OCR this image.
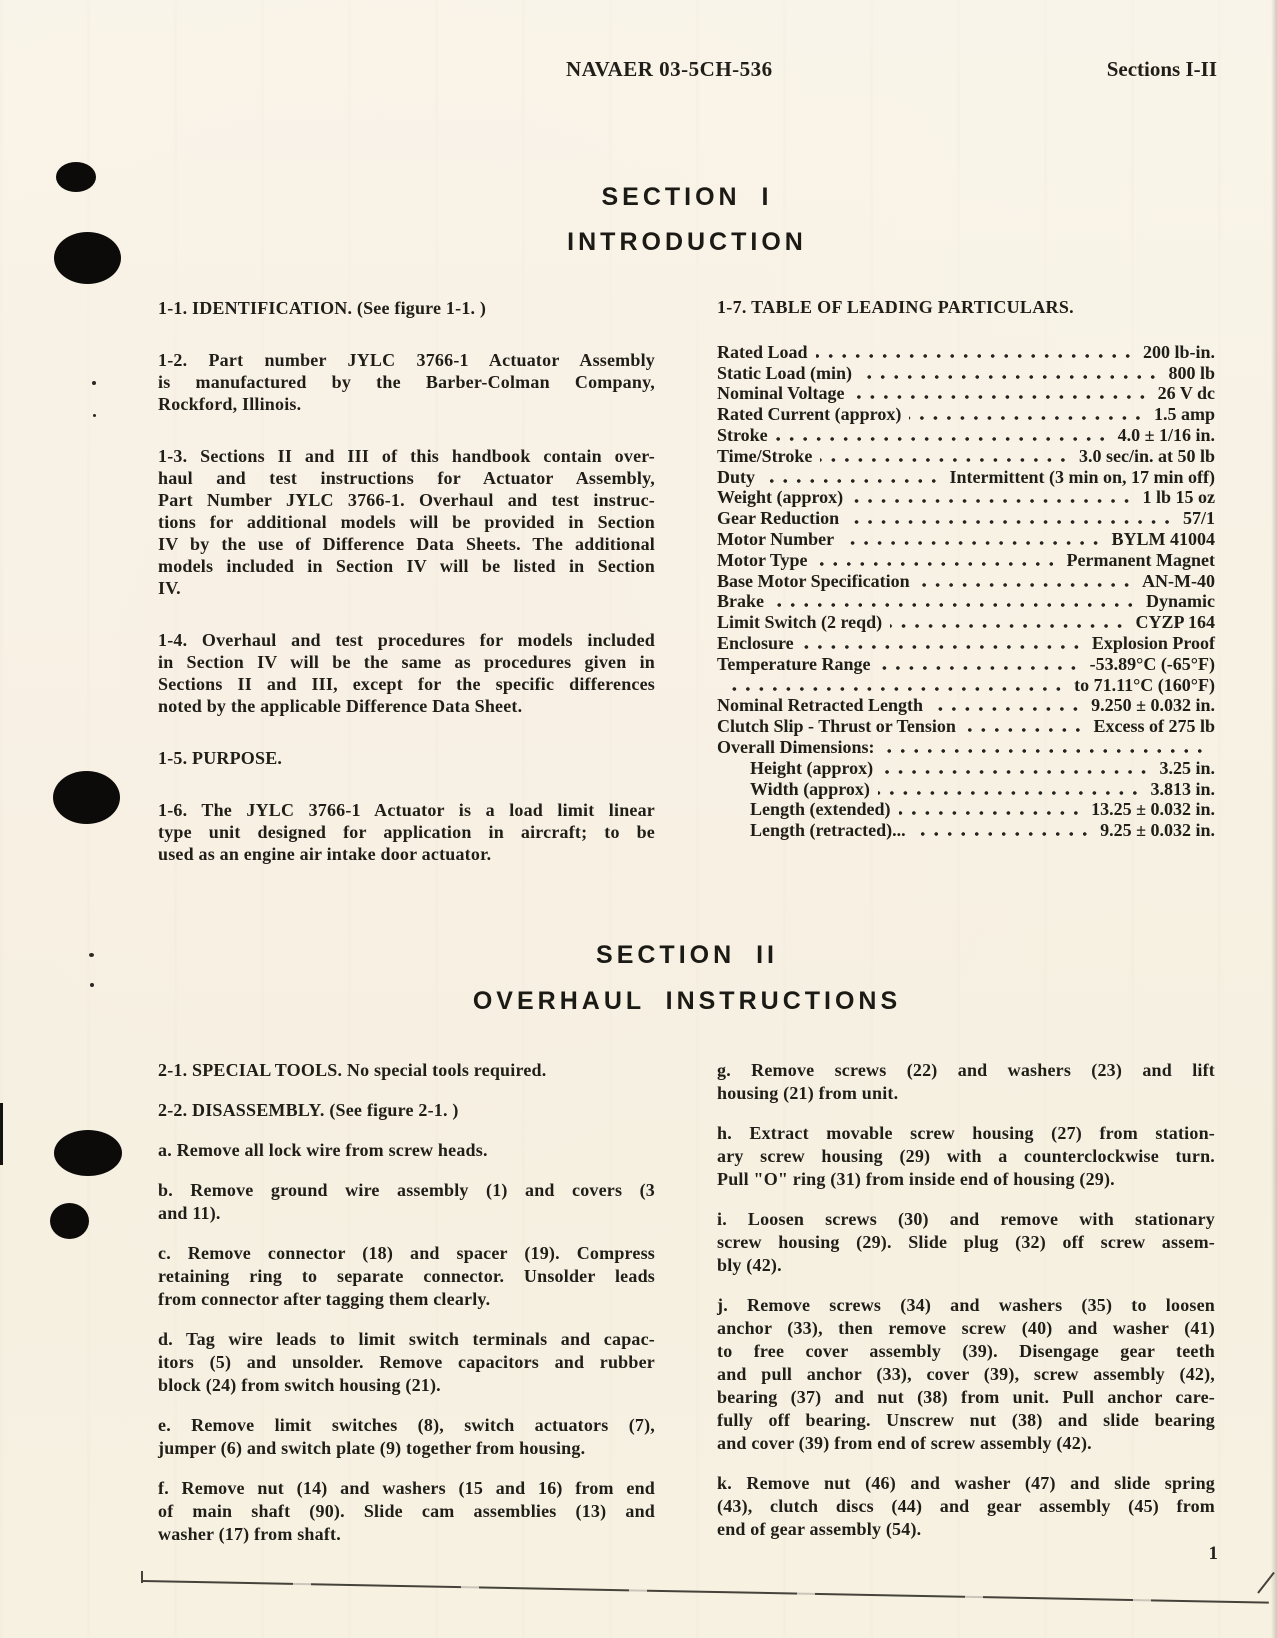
NAVAER 03-5CH-536	Sections I-II
SECTION I
INTRODUCTION
1-1. IDENTIFICATION. (See figure 1-1. )
1-2. Part number JYLC 3766-1 Actuator Assembly
is manufactured by the Barber-Colman Company,
Rockford, Illinois.
1-3. Sections II and III of this handbook contain over-
haul and test instructions for Actuator Assembly,
Part Number JYLC 3766-1. Overhaul and test instruc-
tions for additional models will be provided in Section
IV by the use of Difference Data Sheets. The additional
models included in Section IV will be listed in Section
IV.
1-4. Overhaul and test procedures for models included
in Section IV will be the same as procedures given in
Sections II and III, except for the specific differences
noted by the applicable Difference Data Sheet.
1-5. PURPOSE.
1-6. The JYLC 3766-1 Actuator is a load limit linear
type unit designed for application in aircraft; to be
used as an engine air intake door actuator.
1-7. TABLE OF LEADING PARTICULARS.
Rated Load	200 lb-in.
Static Load (min)	800 lb
Nominal Voltage	26 V dc
Rated Current (approx)	1.5 amp
Stroke	4.0 ± 1/16 in.
Time/Stroke	3.0 sec/in. at 50 lb
Duty	Intermittent (3 min on, 17 min off)
Weight (approx)	1 lb 15 oz
Gear Reduction	57/1
Motor Number	BYLM 41004
Motor Type	Permanent Magnet
Base Motor Specification	AN-M-40
Brake	Dynamic
Limit Switch (2 reqd)	CYZP 164
Enclosure	Explosion Proof
Temperature Range	-53.89°C (-65°F)
to 71.11°C (160°F)
Nominal Retracted Length	9.250 ± 0.032 in.
Clutch Slip - Thrust or Tension	Excess of 275 lb
Overall Dimensions:
Height (approx)	3.25 in.
Width (approx)	3.813 in.
Length (extended)	13.25 ± 0.032 in.
Length (retracted)...	9.25 ± 0.032 in.
SECTION II
OVERHAUL INSTRUCTIONS
2-1. SPECIAL TOOLS. No special tools required.
2-2. DISASSEMBLY. (See figure 2-1. )
a. Remove all lock wire from screw heads.
b. Remove ground wire assembly (1) and covers (3
and 11).
c. Remove connector (18) and spacer (19). Compress
retaining ring to separate connector. Unsolder leads
from connector after tagging them clearly.
d. Tag wire leads to limit switch terminals and capac-
itors (5) and unsolder. Remove capacitors and rubber
block (24) from switch housing (21).
e. Remove limit switches (8), switch actuators (7),
jumper (6) and switch plate (9) together from housing.
f. Remove nut (14) and washers (15 and 16) from end
of main shaft (90). Slide cam assemblies (13) and
washer (17) from shaft.
g. Remove screws (22) and washers (23) and lift
housing (21) from unit.
h. Extract movable screw housing (27) from station-
ary screw housing (29) with a counterclockwise turn.
Pull "O" ring (31) from inside end of housing (29).
i. Loosen screws (30) and remove with stationary
screw housing (29). Slide plug (32) off screw assem-
bly (42).
j. Remove screws (34) and washers (35) to loosen
anchor (33), then remove screw (40) and washer (41)
to free cover assembly (39). Disengage gear teeth
and pull anchor (33), cover (39), screw assembly (42),
bearing (37) and nut (38) from unit. Pull anchor care-
fully off bearing. Unscrew nut (38) and slide bearing
and cover (39) from end of screw assembly (42).
k. Remove nut (46) and washer (47) and slide spring
(43), clutch discs (44) and gear assembly (45) from
end of gear assembly (54).
1
